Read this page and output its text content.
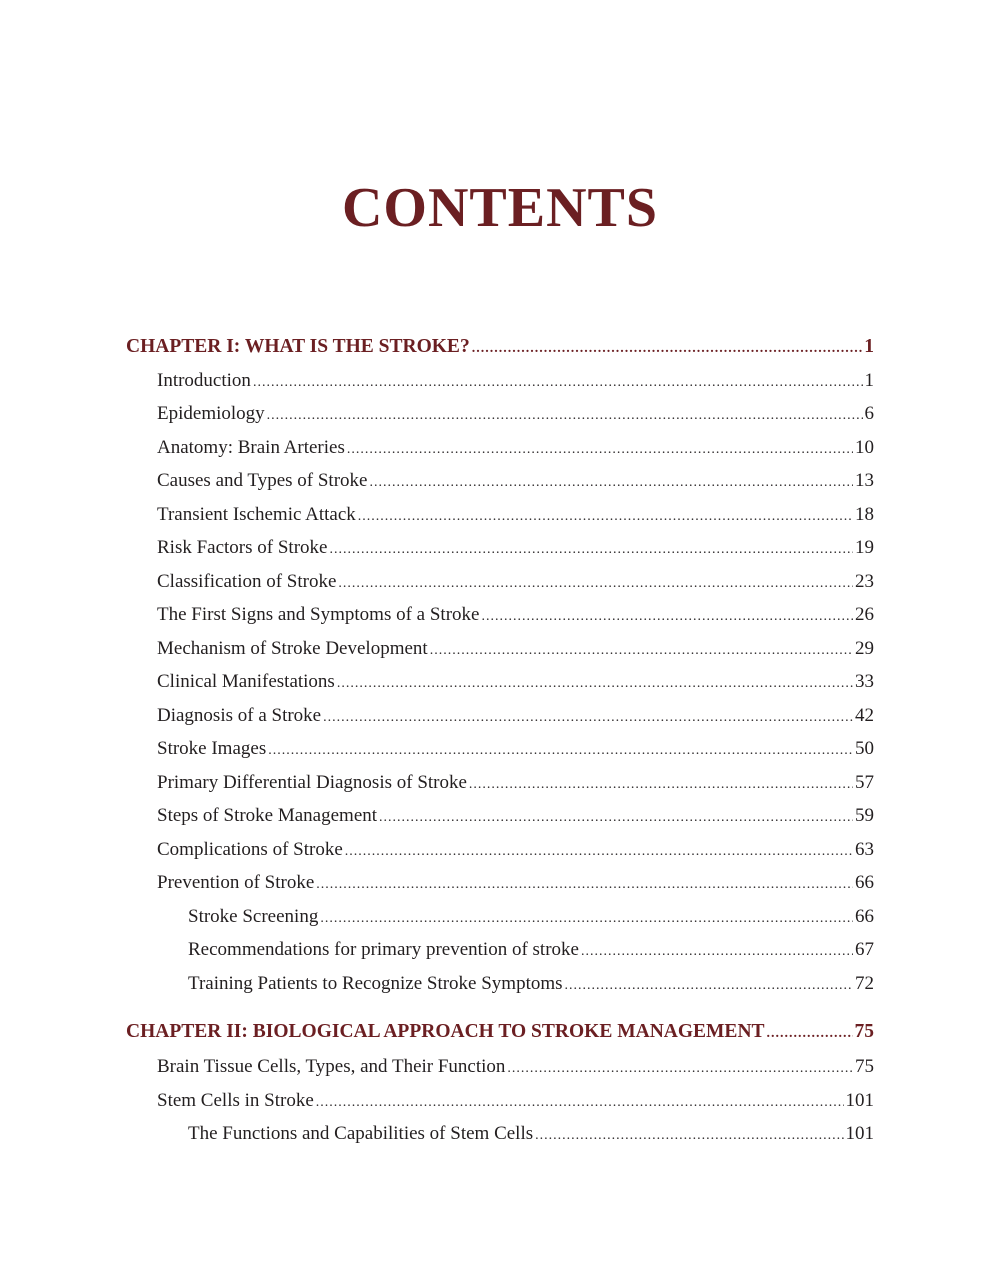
CONTENTS
CHAPTER I: WHAT IS THE STROKE? .....	1
Introduction .....	1
Epidemiology .....	6
Anatomy: Brain Arteries .....	10
Causes and Types of Stroke .....	13
Transient Ischemic Attack .....	18
Risk Factors of Stroke .....	19
Classification of Stroke .....	23
The First Signs and Symptoms of a Stroke .....	26
Mechanism of Stroke Development .....	29
Clinical Manifestations .....	33
Diagnosis of a Stroke .....	42
Stroke Images .....	50
Primary Differential Diagnosis of Stroke .....	57
Steps of Stroke Management .....	59
Complications of Stroke .....	63
Prevention of Stroke .....	66
Stroke Screening .....	66
Recommendations for primary prevention of stroke .....	67
Training Patients to Recognize Stroke Symptoms .....	72
CHAPTER II: BIOLOGICAL APPROACH TO STROKE MANAGEMENT .....	75
Brain Tissue Cells, Types, and Their Function .....	75
Stem Cells in Stroke .....	101
The Functions and Capabilities of Stem Cells .....	101
